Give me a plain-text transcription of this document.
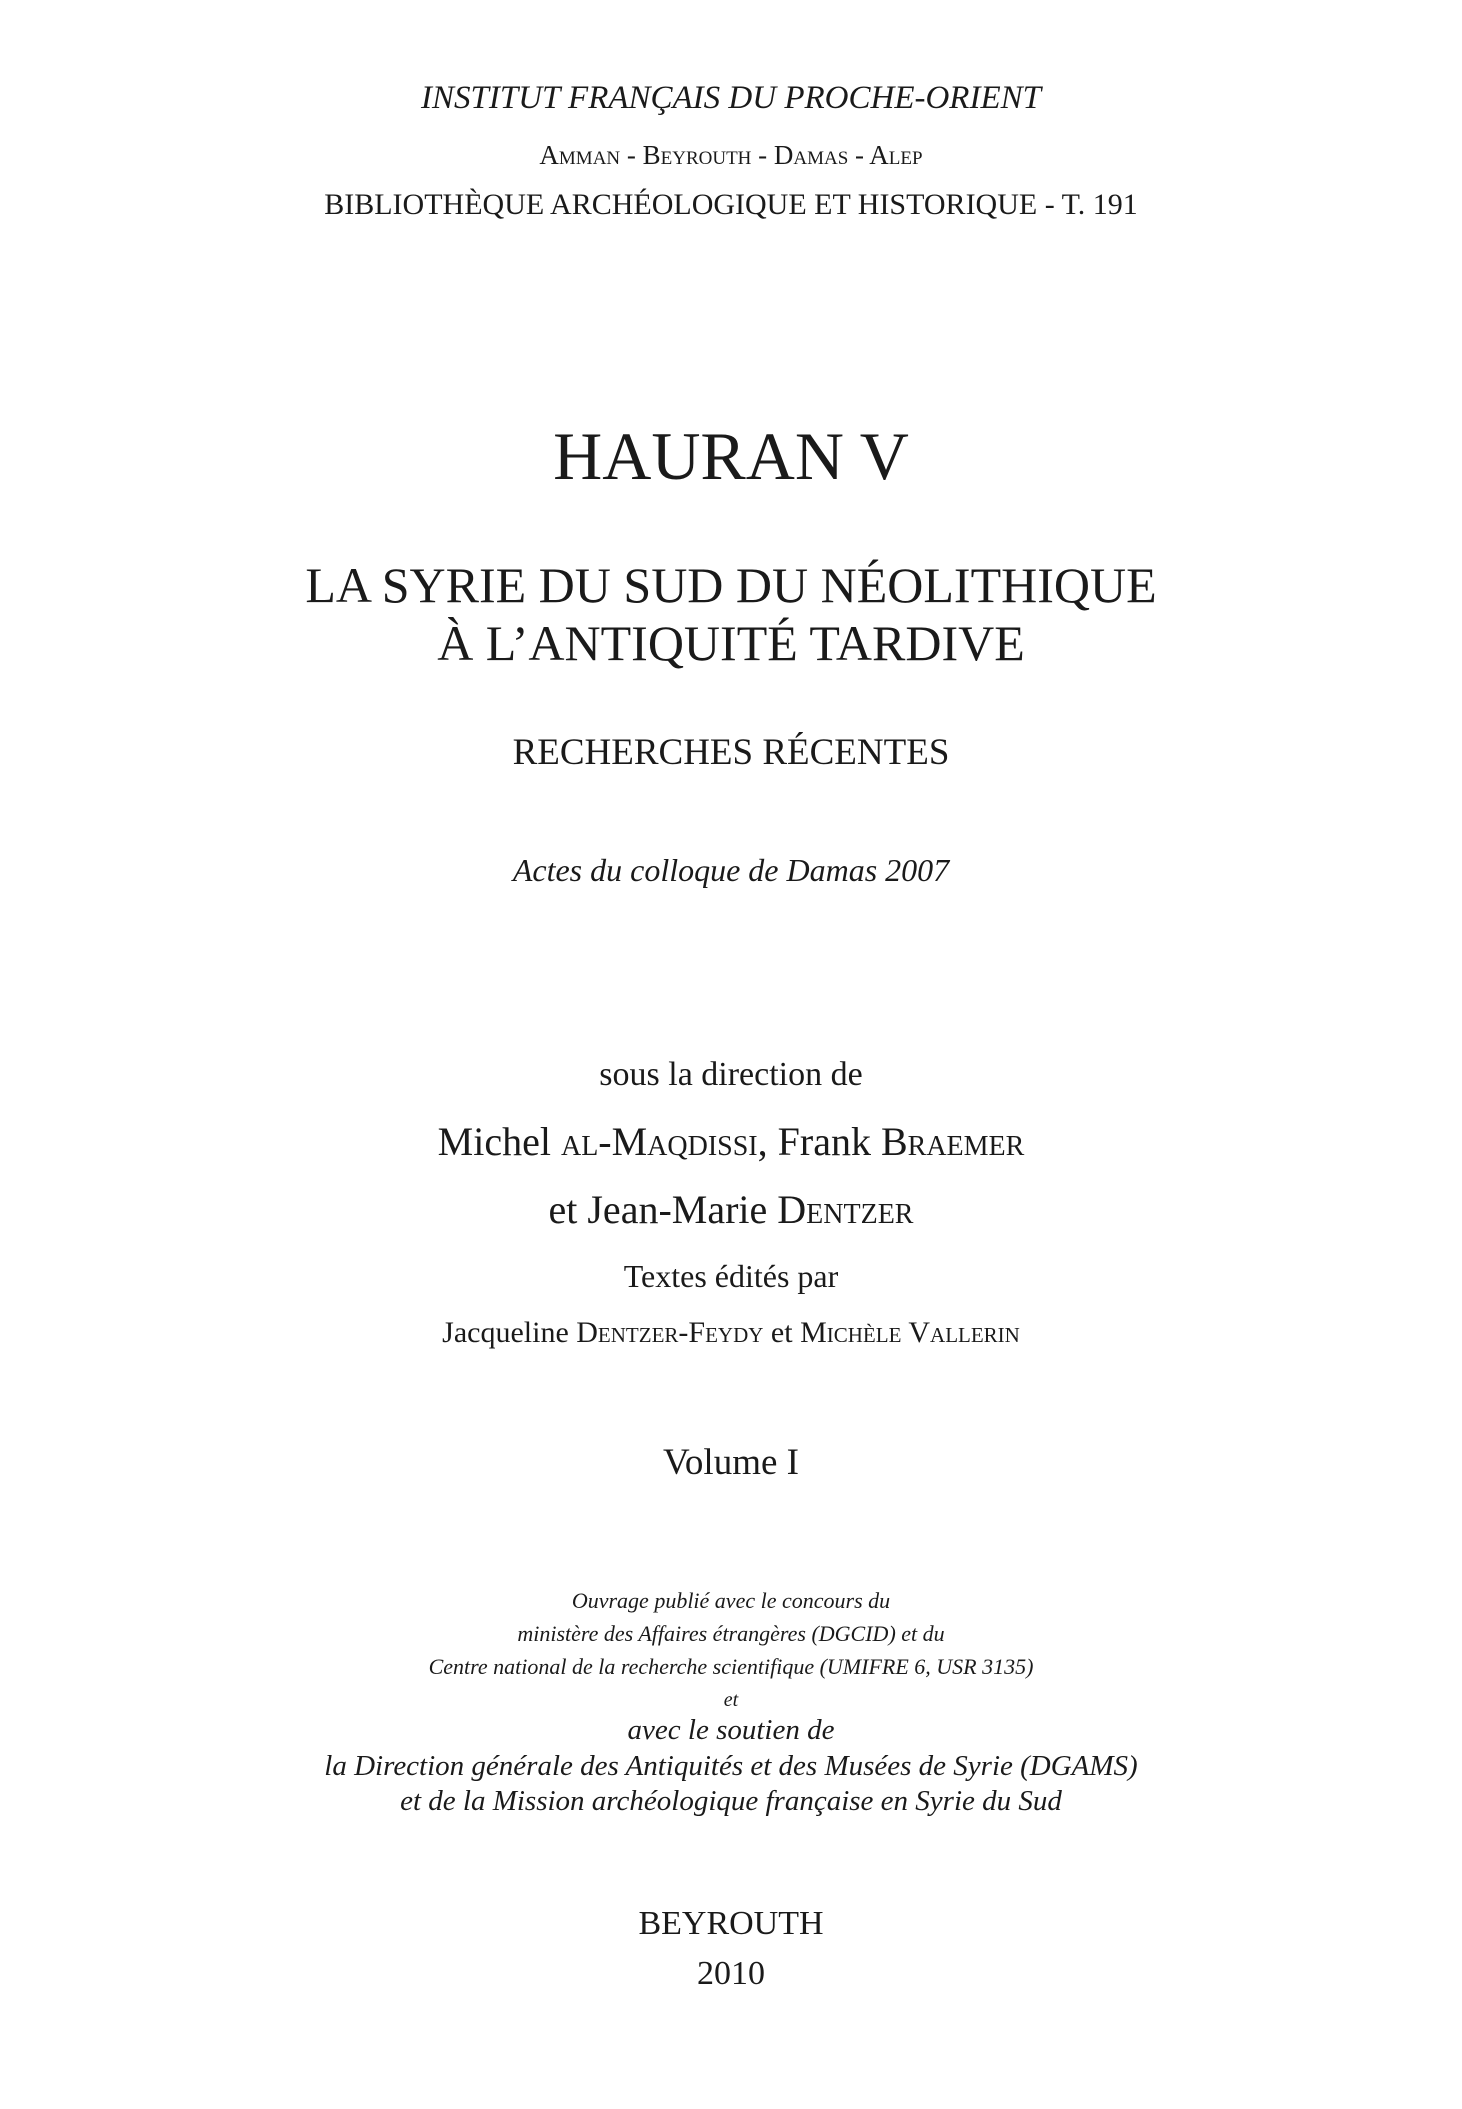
INSTITUT FRANÇAIS DU PROCHE-ORIENT
Amman - Beyrouth - Damas - Alep
BIBLIOTHÈQUE ARCHÉOLOGIQUE ET HISTORIQUE - T. 191
HAURAN V
LA SYRIE DU SUD DU NÉOLITHIQUE
À L’ANTIQUITÉ TARDIVE
RECHERCHES RÉCENTES
Actes du colloque de Damas 2007
sous la direction de
Michel al-Maqdissi, Frank Braemer
et Jean-Marie Dentzer
Textes édités par
Jacqueline Dentzer-Feydy et Michèle Vallerin
Volume I
Ouvrage publié avec le concours du
ministère des Affaires étrangères (DGCID) et du
Centre national de la recherche scientifique (UMIFRE 6, USR 3135)
et
avec le soutien de
la Direction générale des Antiquités et des Musées de Syrie (DGAMS)
et de la Mission archéologique française en Syrie du Sud
BEYROUTH
2010
